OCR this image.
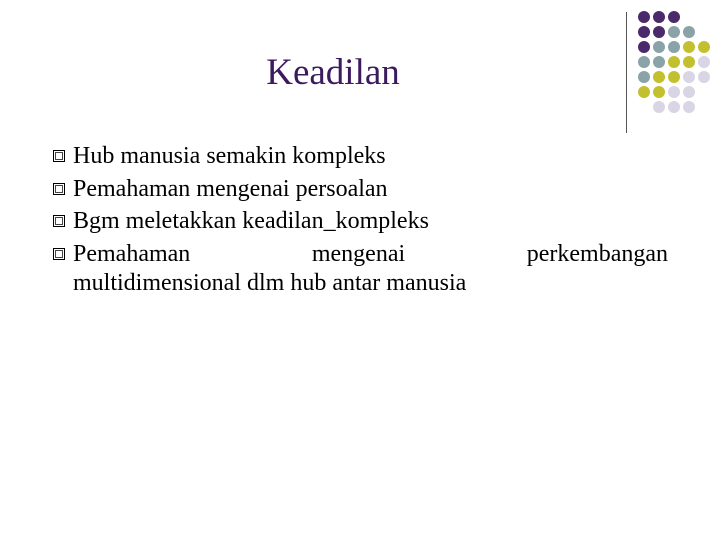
Keadilan
Hub manusia semakin kompleks
Pemahaman mengenai persoalan
Bgm meletakkan keadilan_kompleks
Pemahaman mengenai perkembangan
multidimensional dlm hub antar manusia
